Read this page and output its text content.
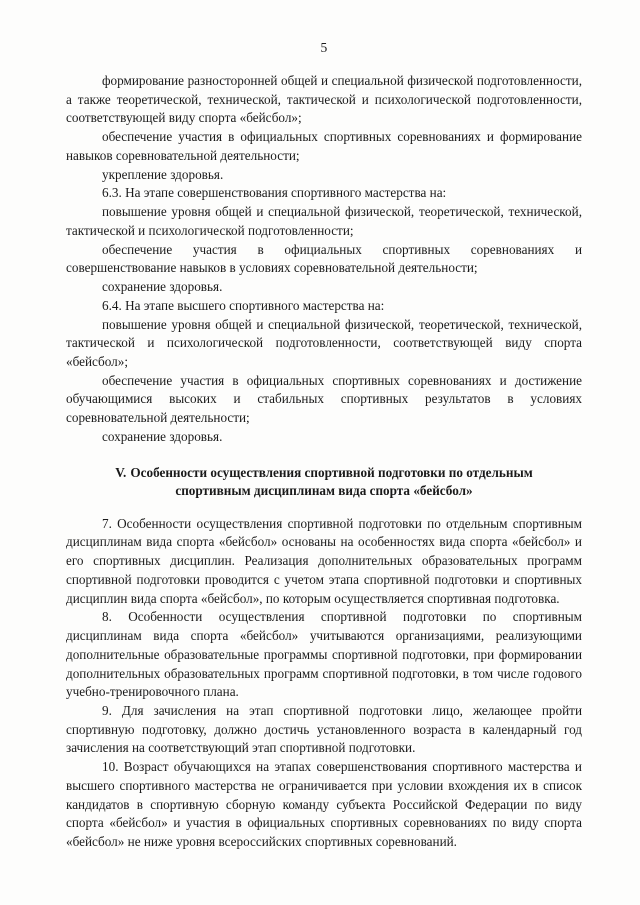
5

формирование разносторонней общей и специальной физической подготовленности, а также теоретической, технической, тактической и психологической подготовленности, соответствующей виду спорта «бейсбол»;

обеспечение участия в официальных спортивных соревнованиях и формирование навыков соревновательной деятельности;

укрепление здоровья.

6.3. На этапе совершенствования спортивного мастерства на:

повышение уровня общей и специальной физической, теоретической, технической, тактической и психологической подготовленности;

обеспечение участия в официальных спортивных соревнованиях и совершенствование навыков в условиях соревновательной деятельности;

сохранение здоровья.

6.4. На этапе высшего спортивного мастерства на:

повышение уровня общей и специальной физической, теоретической, технической, тактической и психологической подготовленности, соответствующей виду спорта «бейсбол»;

обеспечение участия в официальных спортивных соревнованиях и достижение обучающимися высоких и стабильных спортивных результатов в условиях соревновательной деятельности;

сохранение здоровья.

V. Особенности осуществления спортивной подготовки по отдельным
спортивным дисциплинам вида спорта «бейсбол»

7. Особенности осуществления спортивной подготовки по отдельным спортивным дисциплинам вида спорта «бейсбол» основаны на особенностях вида спорта «бейсбол» и его спортивных дисциплин. Реализация дополнительных образовательных программ спортивной подготовки проводится с учетом этапа спортивной подготовки и спортивных дисциплин вида спорта «бейсбол», по которым осуществляется спортивная подготовка.

8. Особенности осуществления спортивной подготовки по спортивным дисциплинам вида спорта «бейсбол» учитываются организациями, реализующими дополнительные образовательные программы спортивной подготовки, при формировании дополнительных образовательных программ спортивной подготовки, в том числе годового учебно-тренировочного плана.

9. Для зачисления на этап спортивной подготовки лицо, желающее пройти спортивную подготовку, должно достичь установленного возраста в календарный год зачисления на соответствующий этап спортивной подготовки.

10. Возраст обучающихся на этапах совершенствования спортивного мастерства и высшего спортивного мастерства не ограничивается при условии вхождения их в список кандидатов в спортивную сборную команду субъекта Российской Федерации по виду спорта «бейсбол» и участия в официальных спортивных соревнованиях по виду спорта «бейсбол» не ниже уровня всероссийских спортивных соревнований.
